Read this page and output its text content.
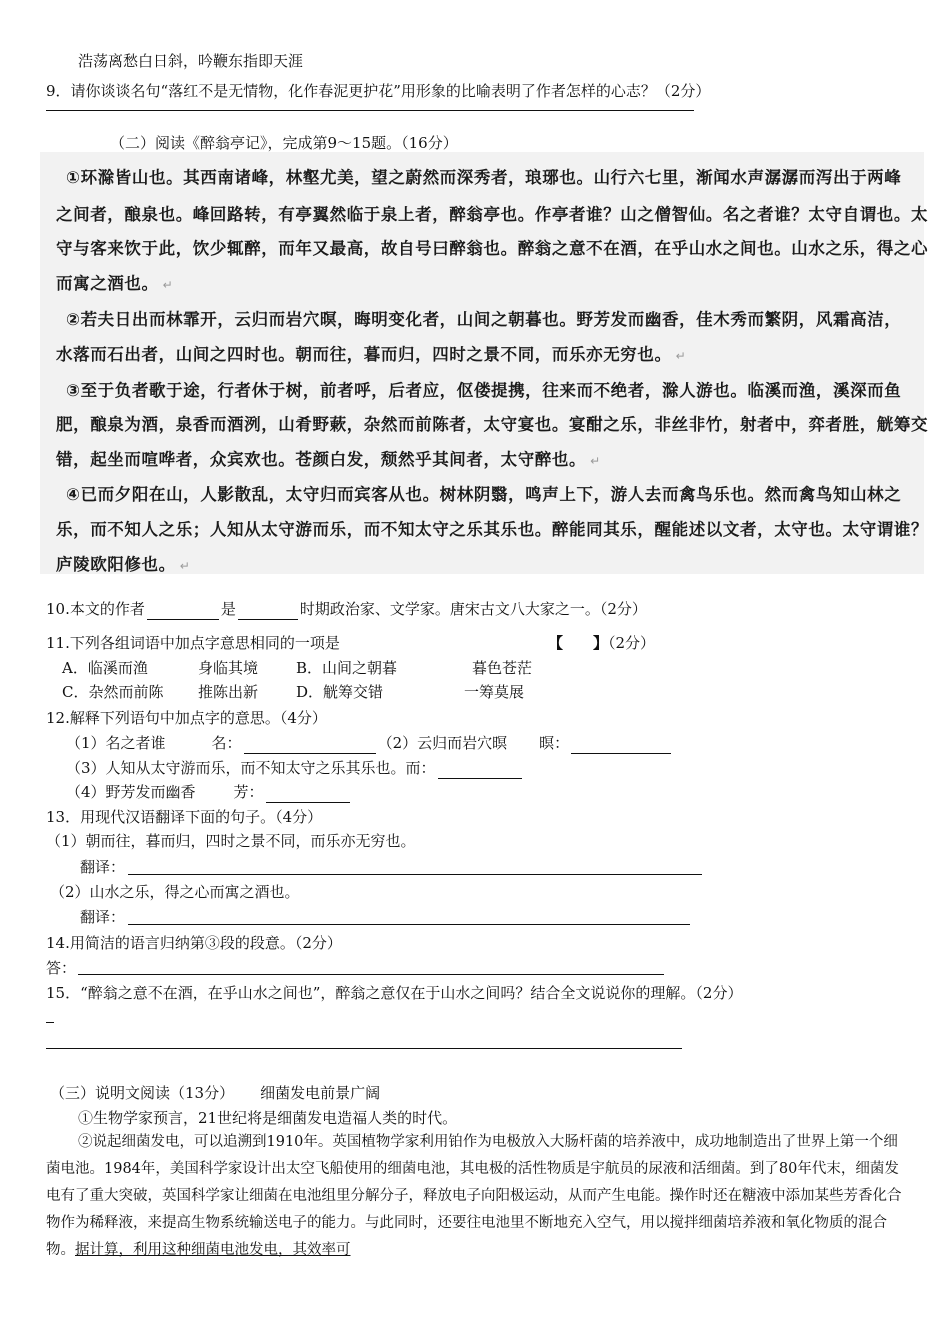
浩荡离愁白日斜，吟鞭东指即天涯
9．请你谈谈名句“落红不是无情物，化作春泥更护花”用形象的比喻表明了作者怎样的心志？（2分）
（二）阅读《醉翁亭记》，完成第9～15题。（16分）
①环滁皆山也。其西南诸峰，林壑尤美，望之蔚然而深秀者，琅琊也。山行六七里，渐闻水声潺潺而泻出于两峰
之间者，酿泉也。峰回路转，有亭翼然临于泉上者，醉翁亭也。作亭者谁？山之僧智仙。名之者谁？太守自谓也。太
守与客来饮于此，饮少辄醉，而年又最高，故自号曰醉翁也。醉翁之意不在酒，在乎山水之间也。山水之乐，得之心
而寓之酒也。 ↵
②若夫日出而林霏开，云归而岩穴暝，晦明变化者，山间之朝暮也。野芳发而幽香，佳木秀而繁阴，风霜高洁，
水落而石出者，山间之四时也。朝而往，暮而归，四时之景不同，而乐亦无穷也。 ↵
③至于负者歌于途，行者休于树，前者呼，后者应，伛偻提携，往来而不绝者，滁人游也。临溪而渔，溪深而鱼
肥，酿泉为酒，泉香而酒洌，山肴野蔌，杂然而前陈者，太守宴也。宴酣之乐，非丝非竹，射者中，弈者胜，觥筹交
错，起坐而喧哗者，众宾欢也。苍颜白发，颓然乎其间者，太守醉也。 ↵
④已而夕阳在山，人影散乱，太守归而宾客从也。树林阴翳，鸣声上下，游人去而禽鸟乐也。然而禽鸟知山林之
乐，而不知人之乐；人知从太守游而乐，而不知太守之乐其乐也。醉能同其乐，醒能述以文者，太守也。太守谓谁？
庐陵欧阳修也。 ↵
10.本文的作者	是	时期政治家、文学家。唐宋古文八大家之一。（2分）
11.下列各组词语中加点字意思相同的一项是	【　　】（2分）
A．临溪而渔	身临其境	B．山间之朝暮	暮色苍茫
C．杂然而前陈 推陈出新	D．觥筹交错	一筹莫展
12.解释下列语句中加点字的意思。（4分）
（1）名之者谁	名：	（2）云归而岩穴暝 暝：
（3）人知从太守游而乐，而不知太守之乐其乐也。而：
（4）野芳发而幽香	芳：
13．用现代汉语翻译下面的句子。（4分）
（1）朝而往，暮而归，四时之景不同，而乐亦无穷也。
翻译：
（2）山水之乐，得之心而寓之酒也。
翻译：
14.用简洁的语言归纳第③段的段意。（2分）
答：
15．“醉翁之意不在酒，在乎山水之间也”，醉翁之意仅在于山水之间吗？结合全文说说你的理解。（2分）
（三）说明文阅读（13分） 细菌发电前景广阔
①生物学家预言，21世纪将是细菌发电造福人类的时代。
②说起细菌发电，可以追溯到1910年。英国植物学家利用铂作为电极放入大肠杆菌的培养液中，成功地制造出了世界上第一个细菌电池。1984年，美国科学家设计出太空飞船使用的细菌电池，其电极的活性物质是宇航员的尿液和活细菌。到了80年代末，细菌发电有了重大突破，英国科学家让细菌在电池组里分解分子，释放电子向阳极运动，从而产生电能。操作时还在糖液中添加某些芳香化合物作为稀释液，来提高生物系统输送电子的能力。与此同时，还要往电池里不断地充入空气，用以搅拌细菌培养液和氧化物质的混合物。据计算，利用这种细菌电池发电，其效率可
